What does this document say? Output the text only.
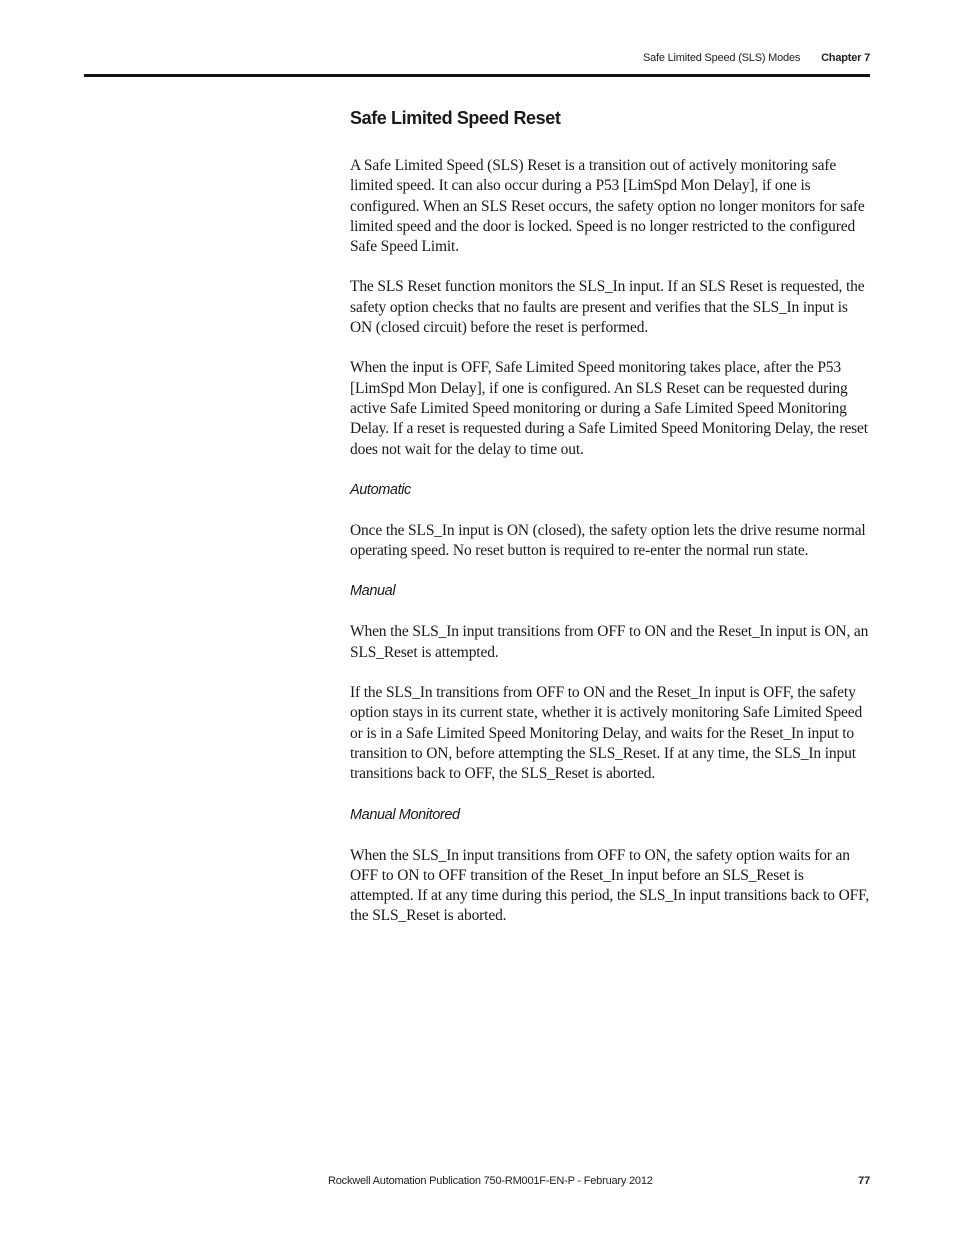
Safe Limited Speed (SLS) Modes Chapter 7
Safe Limited Speed Reset

A Safe Limited Speed (SLS) Reset is a transition out of actively monitoring safe limited speed. It can also occur during a P53 [LimSpd Mon Delay], if one is configured. When an SLS Reset occurs, the safety option no longer monitors for safe limited speed and the door is locked. Speed is no longer restricted to the configured Safe Speed Limit.

The SLS Reset function monitors the SLS_In input. If an SLS Reset is requested, the safety option checks that no faults are present and verifies that the SLS_In input is ON (closed circuit) before the reset is performed.

When the input is OFF, Safe Limited Speed monitoring takes place, after the P53 [LimSpd Mon Delay], if one is configured. An SLS Reset can be requested during active Safe Limited Speed monitoring or during a Safe Limited Speed Monitoring Delay. If a reset is requested during a Safe Limited Speed Monitoring Delay, the reset does not wait for the delay to time out.

Automatic

Once the SLS_In input is ON (closed), the safety option lets the drive resume normal operating speed. No reset button is required to re-enter the normal run state.

Manual

When the SLS_In input transitions from OFF to ON and the Reset_In input is ON, an SLS_Reset is attempted.

If the SLS_In transitions from OFF to ON and the Reset_In input is OFF, the safety option stays in its current state, whether it is actively monitoring Safe Limited Speed or is in a Safe Limited Speed Monitoring Delay, and waits for the Reset_In input to transition to ON, before attempting the SLS_Reset. If at any time, the SLS_In input transitions back to OFF, the SLS_Reset is aborted.

Manual Monitored

When the SLS_In input transitions from OFF to ON, the safety option waits for an OFF to ON to OFF transition of the Reset_In input before an SLS_Reset is attempted. If at any time during this period, the SLS_In input transitions back to OFF, the SLS_Reset is aborted.

Rockwell Automation Publication 750-RM001F-EN-P - February 2012	77
